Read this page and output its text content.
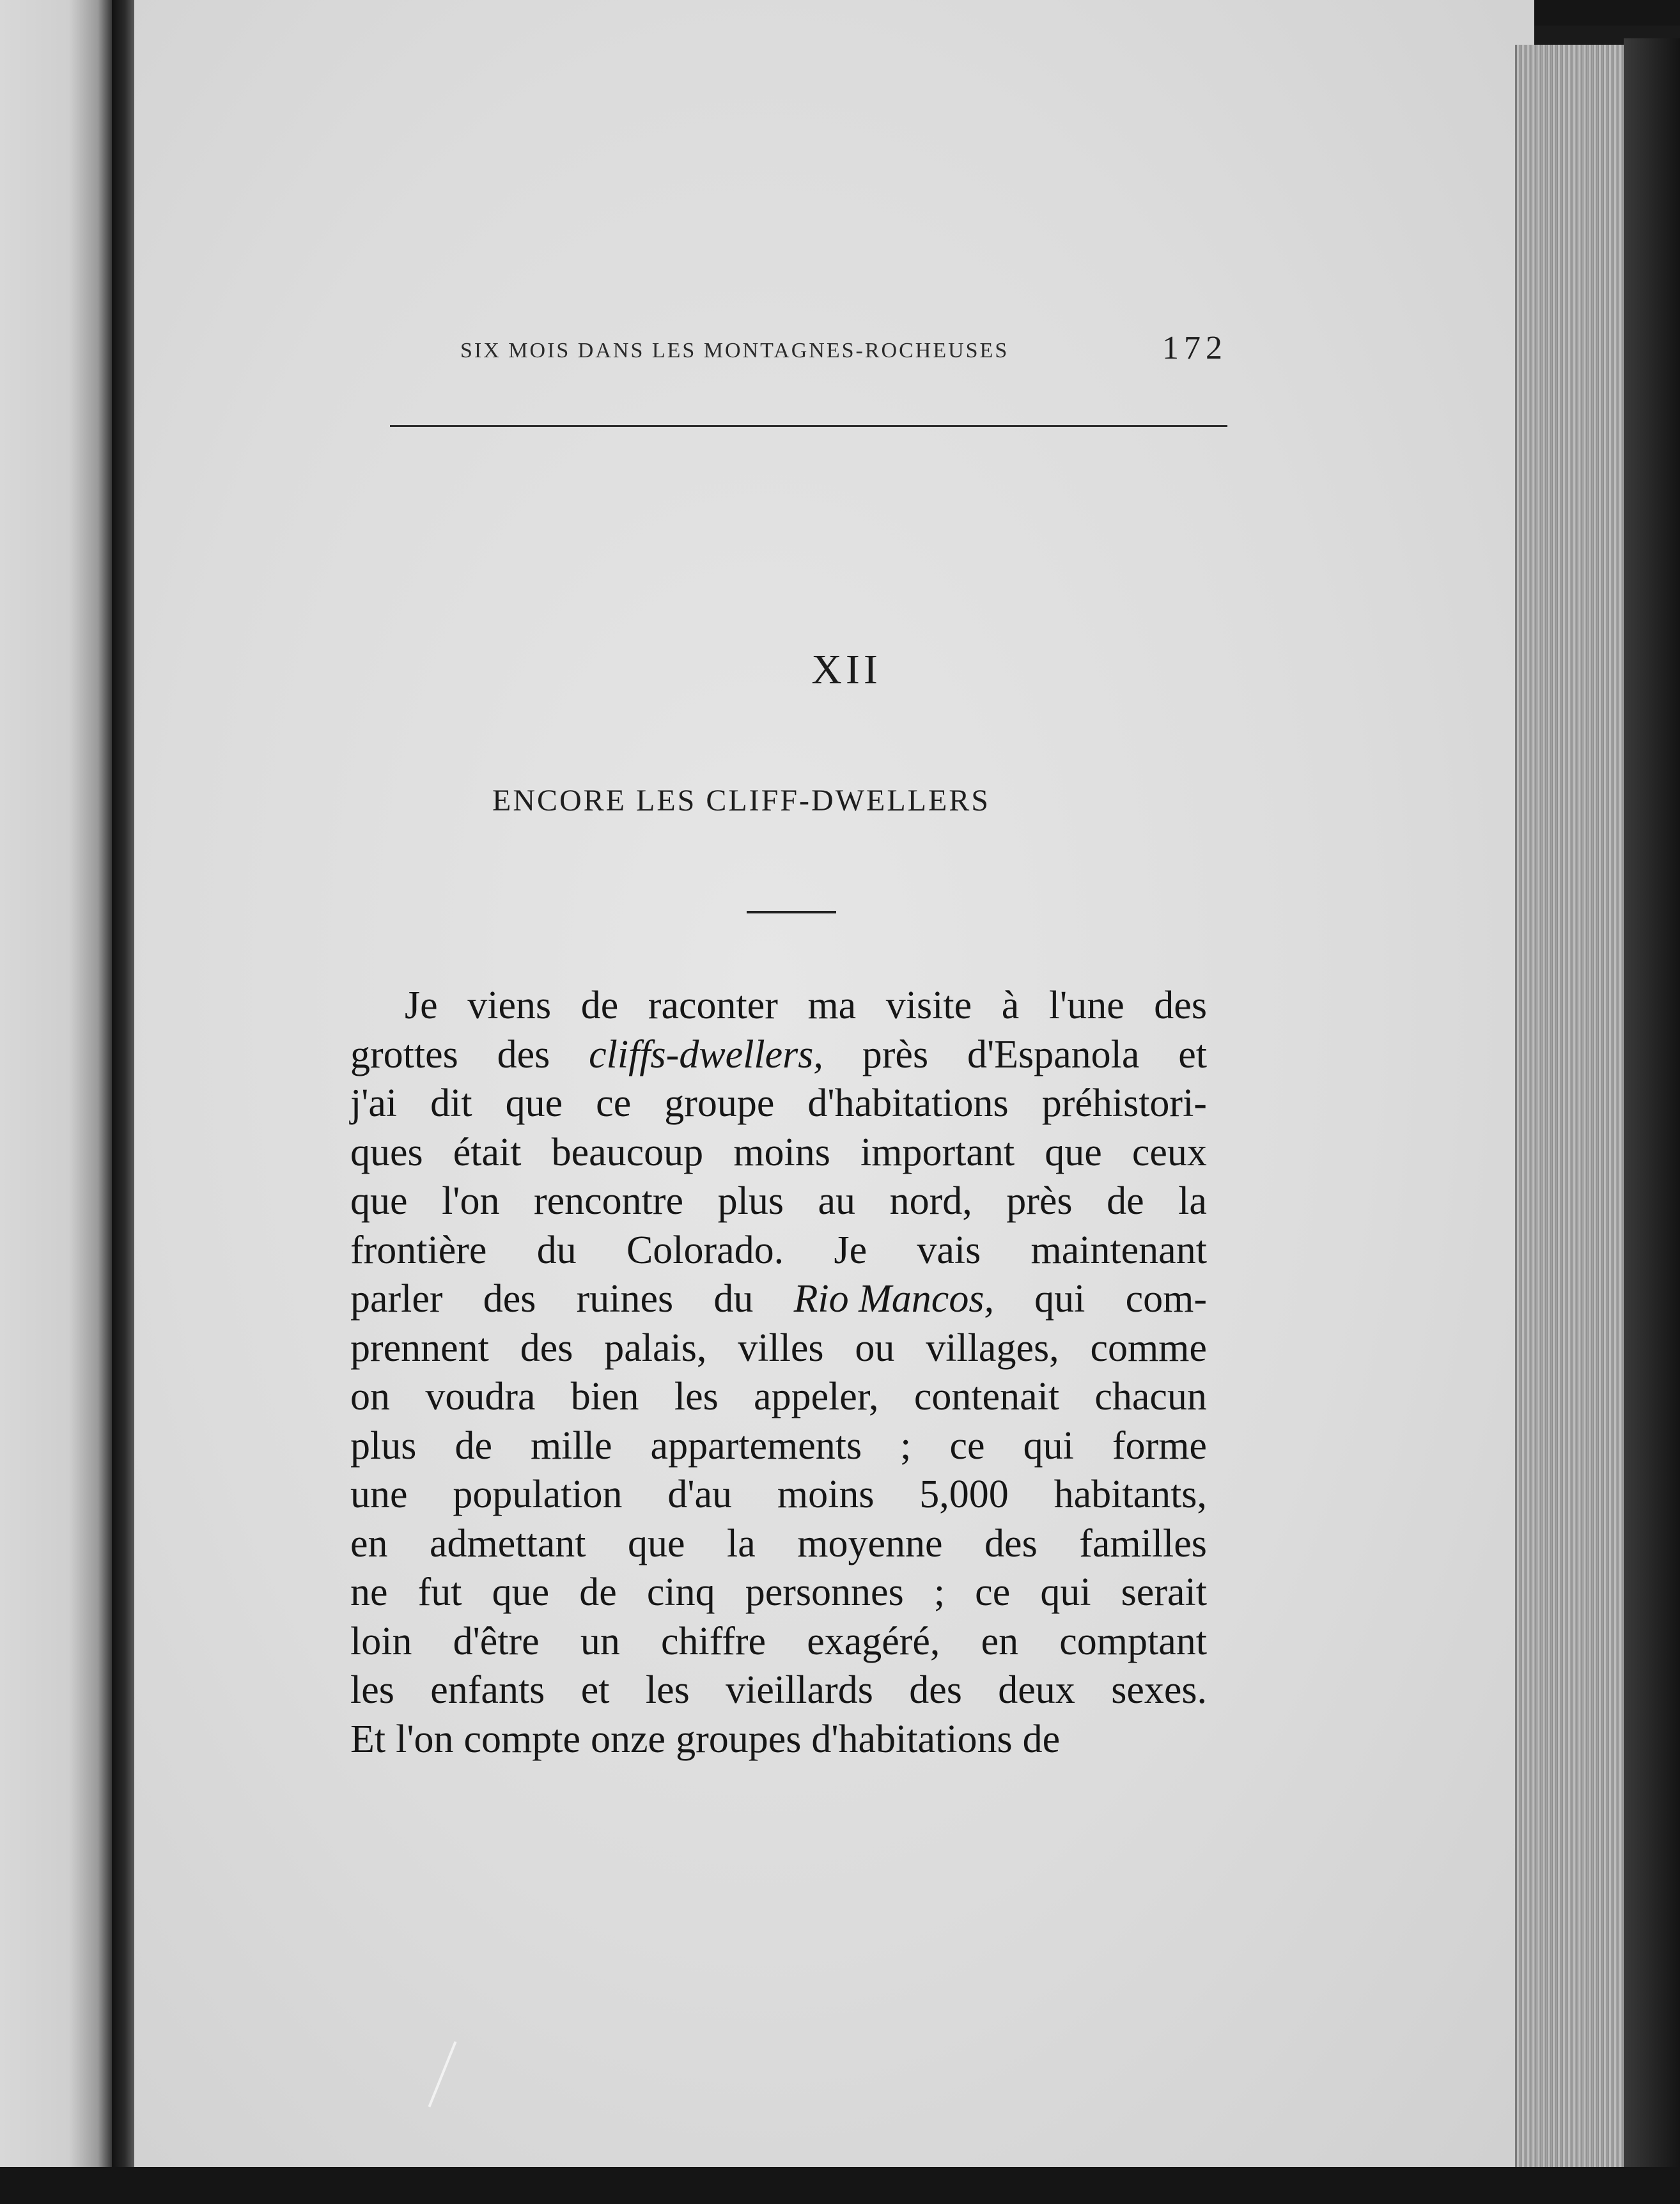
SIX MOIS DANS LES MONTAGNES-ROCHEUSES	172
XII
ENCORE LES CLIFF-DWELLERS
Je viens de raconter ma visite à l'une des
grottes des cliffs-dwellers, près d'Espanola et
j'ai dit que ce groupe d'habitations préhistori-
ques était beaucoup moins important que ceux
que l'on rencontre plus au nord, près de la
frontière du Colorado. Je vais maintenant
parler des ruines du Rio Mancos, qui com-
prennent des palais, villes ou villages, comme
on voudra bien les appeler, contenait chacun
plus de mille appartements ; ce qui forme
une population d'au moins 5,000 habitants,
en admettant que la moyenne des familles
ne fut que de cinq personnes ; ce qui serait
loin d'être un chiffre exagéré, en comptant
les enfants et les vieillards des deux sexes.
Et l'on compte onze groupes d'habitations de
